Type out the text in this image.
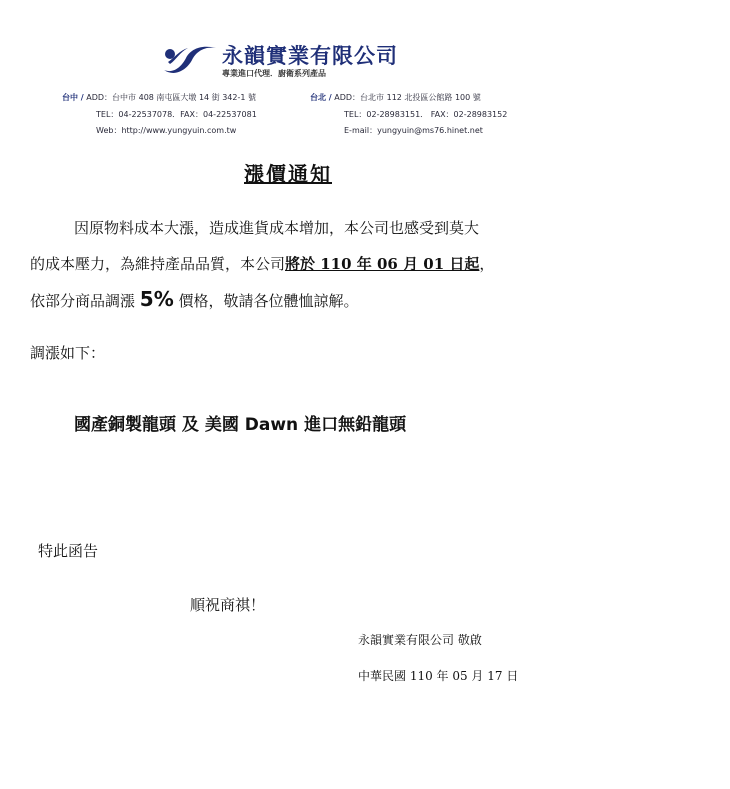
永韻實業有限公司
專業進口代理．廚衛系列產品
台中 / ADD：台中市 408 南屯區大墩 14 街 342-1 號
TEL：04-22537078．FAX：04-22537081
Web：http://www.yungyuin.com.tw
台北 / ADD：台北市 112 北投區公館路 100 號
TEL：02-28983151． FAX：02-28983152
E-mail：yungyuin@ms76.hinet.net
漲價通知
因原物料成本大漲，造成進貨成本增加，本公司也感受到莫大
的成本壓力，為維持產品品質，本公司將於 110 年 06 月 01 日起，
依部分商品調漲 5% 價格，敬請各位體恤諒解。
調漲如下：
國產銅製龍頭 及 美國 Dawn 進口無鉛龍頭
特此函告
順祝商祺！
永韻實業有限公司 敬啟
中華民國 110 年 05 月 17 日
